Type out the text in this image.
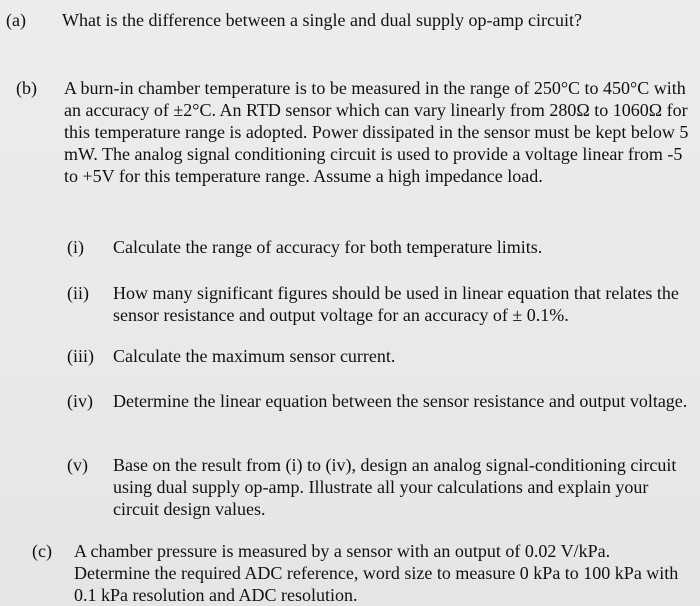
(a) What is the difference between a single and dual supply op-amp circuit?
(b) A burn-in chamber temperature is to be measured in the range of 250°C to 450°C with an accuracy of ±2°C. An RTD sensor which can vary linearly from 280Ω to 1060Ω for this temperature range is adopted. Power dissipated in the sensor must be kept below 5 mW. The analog signal conditioning circuit is used to provide a voltage linear from -5 to +5V for this temperature range. Assume a high impedance load.
(i) Calculate the range of accuracy for both temperature limits.
(ii) How many significant figures should be used in linear equation that relates the sensor resistance and output voltage for an accuracy of ± 0.1%.
(iii) Calculate the maximum sensor current.
(iv) Determine the linear equation between the sensor resistance and output voltage.
(v) Base on the result from (i) to (iv), design an analog signal-conditioning circuit using dual supply op-amp. Illustrate all your calculations and explain your circuit design values.
(c) A chamber pressure is measured by a sensor with an output of 0.02 V/kPa. Determine the required ADC reference, word size to measure 0 kPa to 100 kPa with 0.1 kPa resolution and ADC resolution.
